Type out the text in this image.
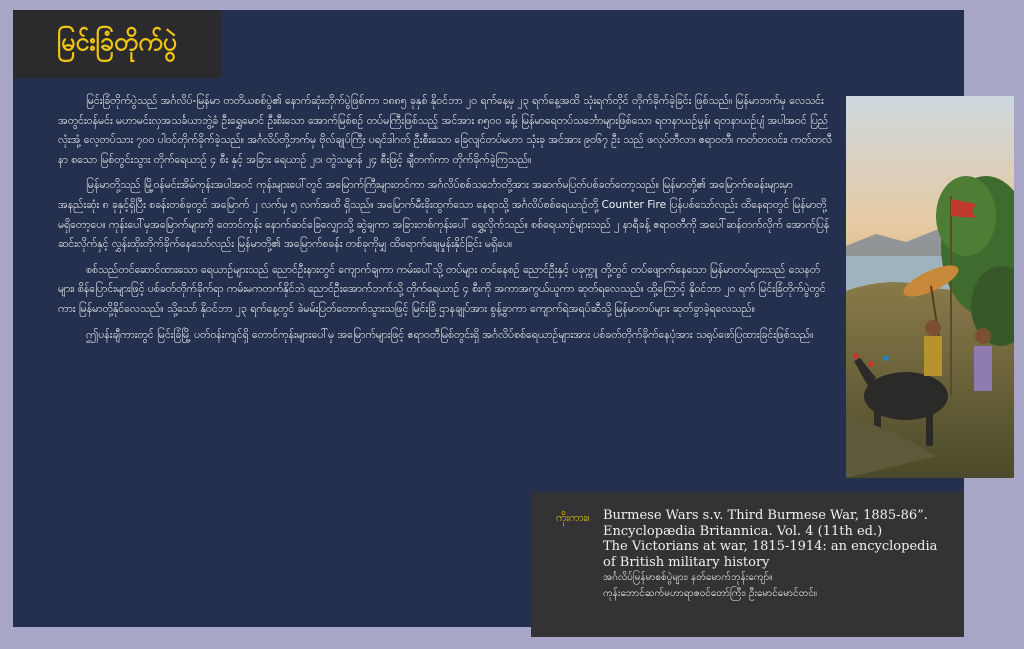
မြင်းခြံတိုက်ပွဲ

မြင်းခြံတိုက်ပွဲသည် အင်္ဂလိပ်-မြန်မာ တတိယစစ်ပွဲ၏ နောက်ဆုံးတိုက်ပွဲဖြစ်ကာ ၁၈၈၅ ခုနှစ် နိုဝင်ဘာ ၂၀ ရက်နေ့မှ ၂၃ ရက်နေ့အထိ သုံးရက်တိုင် တိုက်ခိုက်ခဲ့ခြင်း ဖြစ်သည်။ မြန်မာဘက်မှ လေသင်းအတွင်းဝန်မင်း မဟာမင်းလှအသင်္ခယာဘွဲ့ခံ ဦးရွှေမောင် ဦးစီးသော အောက်မြစ်စဉ် တပ်မကြီးဖြစ်သည့် အင်အား ၈၅၀၀ ခန့်၊ မြန်မာရေတပ်သင်္ဘောများဖြစ်သော ရတနာယဉ်မွန်၊ ရတနာယဉ်ပျံ အပါအဝင် ပြည်လုံးအုံ့ လေ့တပ်သား ၇၀၀ ပါဝင်တိုက်ခိုက်ခဲ့သည်။ အင်္ဂလိပ်တို့ဘက်မှ ဗိုလ်ချုပ်ကြီး ပရင်ဒါဂတ် ဦးစီးသော ခြေလျင်တပ်မဟာ သုံးခု အင်အား ၉၀၆၇ ဦး သည် ဖလုပ်တီလာ၊ ဧရာဝတီ၊ ကတ်တလင်း၊ ကတ်တလီနာ စသော မြစ်တွင်းသွား တိုက်ရေယာဉ် ၄ စီး နှင့် အခြား ရေယာဉ် ၂၀၊ တွဲသမ္ဗာန် ၂၄ စီးဖြင့် ချီတက်ကာ တိုက်ခိုက်ခဲ့ကြသည်။

မြန်မာတို့သည် မြို့ဝန်မင်းအိမ်ကုန်းအပါအဝင် ကုန်းများပေါ်တွင် အမြောက်ကြီးများတင်ကာ အင်္ဂလိပ်စစ်သင်္ဘောတို့အား အဆက်မပြတ်ပစ်ခတ်တော့သည်။ မြန်မာတို့၏ အမြောက်စခန်းများမှာ အနည်းဆုံး ၈ ခုနှင့်ရှိပြီး စခန်းတစ်ခုတွင် အမြောက် ၂ လက်မှ ၅ လက်အထိ ရှိသည်။ အမြောက်မီးခိုးထွက်သော နေရာသို့ အင်္ဂလိပ်စစ်ရေယာဉ်တို့ Counter Fire ပြန်ပစ်သော်လည်း ထိနေရာတွင် မြန်မာတို့ မရှိတော့ပေ။ ကုန်းပေါ်မှအမြောက်များကို တောင်ကုန်း နောက်ဆင်ခြေလျှောသို့ ဆွဲချကာ အခြားတစ်ကုန်းပေါ် ရွှေ့လိုက်သည်။ စစ်ရေယာဉ်များသည် ၂ နာရီခန့် ဧရာဝတီကို အပေါ်ဆန်တက်လိုက် အောက်ပြန်ဆင်းလိုက်နှင့် လွှန်းထိုးတိုက်ခိုက်နေသော်လည်း မြန်မာတို့၏ အမြောက်စခန်း တစ်ခုကိုမျှ ထိရောက်ချေမှုန်းနိုင်ခြင်း မရှိပေ။

စစ်သည်တင်ဆောင်ထားသော ရေယာဉ်များသည် ညောင်ဦးနားတွင် ကျောက်ချကာ ကမ်းပေါ်သို့ တပ်များ တင်နေစဉ် ညောင်ဦးနှင့် ပခုက္ကူ တို့တွင် တပ်ဖျောက်နေသော မြန်မာတပ်များသည် သေနတ်များ၊ စိန်ပြောင်းများဖြင့် ပစ်ခတ်တိုက်ခိုက်ရာ ကမ်းမကတက်နိုင်ဘဲ ညောင်ဦးအောက်ဘက်သို့ တိုက်ရေယာဉ် ၄ စီးကို အကာအကွယ်ယူကာ ဆုတ်ရလေသည်။ ထို့ကြောင့် နိုဝင်ဘာ ၂၀ ရက် မြင်းခြံတိုက်ပွဲတွင်ကား မြန်မာတို့နိုင်လေသည်။ သို့သော် နိုဝင်ဘာ ၂၃ ရက်နေ့တွင် ခဲမမ်းပြတ်တောက်သွားသဖြင့် မြင်းခြံ ဌာနချုပ်အား စွန့်ခွာကာ ကျောက်ရဲအရပ်ဆီသို့ မြန်မာတပ်များ ဆုတ်ခွာခဲ့ရလေသည်။

ဤပန်းချီကားတွင် မြင်းခြံမြို့ ပတ်ဝန်းကျင်ရှိ တောင်ကုန်းများပေါ်မှ အမြောက်များဖြင့် ဧရာဝတီမြစ်တွင်းရှိ အင်္ဂလိပ်စစ်ရေယာဉ်များအား ပစ်ခတ်တိုက်ခိုက်နေပုံအား သရုပ်ဖော်ပြထားခြင်းဖြစ်သည်။

ကိုးကား။ Burmese Wars s.v. Third Burmese War, 1885-86”.
Encyclopædia Britannica. Vol. 4 (11th ed.)
The Victorians at war, 1815-1914: an encyclopedia
of British military history
အင်္ဂလိပ်မြန်မာစစ်ပွဲများ၊ နတ်မောက်ဘုန်းကျော်။
ကုန်းဘောင်ဆက်မဟာရာဇဝင်တော်ကြီး၊ ဦးမောင်မောင်တင်။
